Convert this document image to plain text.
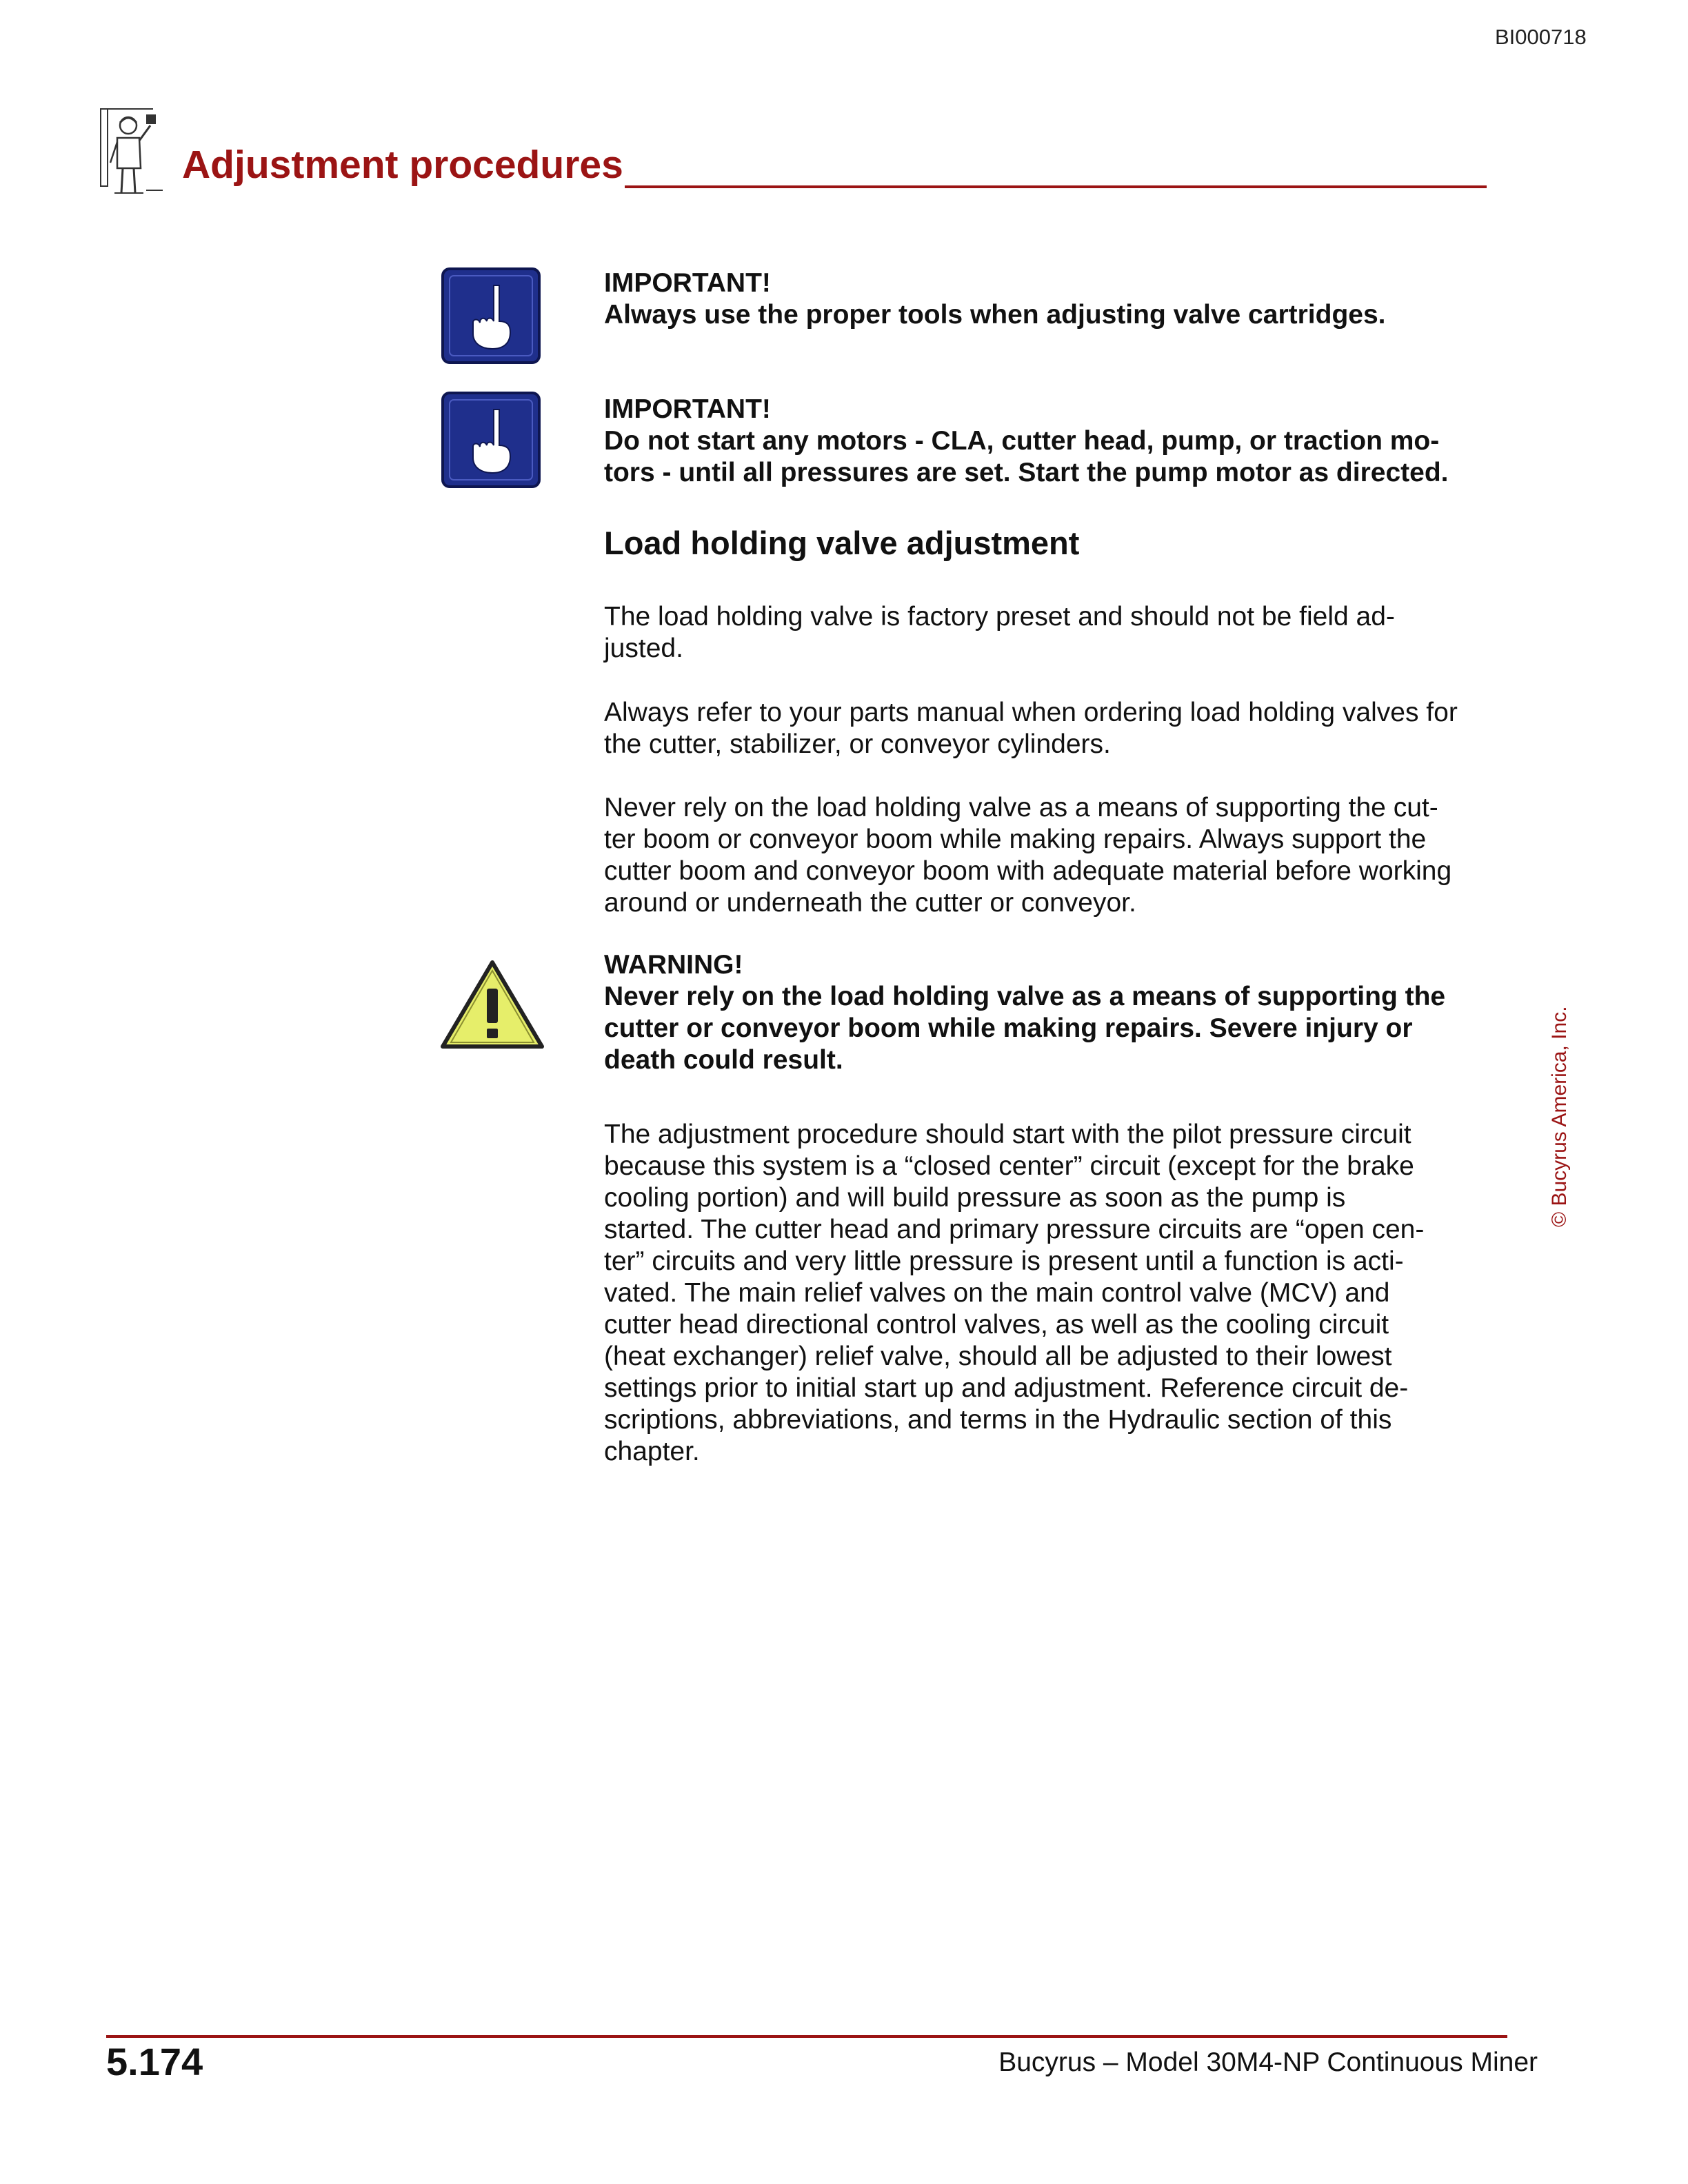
BI000718
Adjustment procedures
IMPORTANT!
Always use the proper tools when adjusting valve cartridges.
IMPORTANT!
Do not start any motors - CLA, cutter head, pump, or traction mo-
tors - until all pressures are set. Start the pump motor as directed.
Load holding valve adjustment

The load holding valve is factory preset and should not be field ad-

justed.

Always refer to your parts manual when ordering load holding valves for

the cutter, stabilizer, or conveyor cylinders.

Never rely on the load holding valve as a means of supporting the cut-

ter boom or conveyor boom while making repairs. Always support the

cutter boom and conveyor boom with adequate material before working

around or underneath the cutter or conveyor.

WARNING!
Never rely on the load holding valve as a means of supporting the
cutter or conveyor boom while making repairs. Severe injury or
death could result.

The adjustment procedure should start with the pilot pressure circuit

because this system is a “closed center” circuit (except for the brake

cooling portion) and will build pressure as soon as the pump is

started. The cutter head and primary pressure circuits are “open cen-

ter” circuits and very little pressure is present until a function is acti-

vated. The main relief valves on the main control valve (MCV) and

cutter head directional control valves, as well as the cooling circuit

(heat exchanger) relief valve, should all be adjusted to their lowest

settings prior to initial start up and adjustment. Reference circuit de-

scriptions, abbreviations, and terms in the Hydraulic section of this

chapter.

© Bucyrus America, Inc.
5.174	Bucyrus – Model 30M4-NP Continuous Miner
